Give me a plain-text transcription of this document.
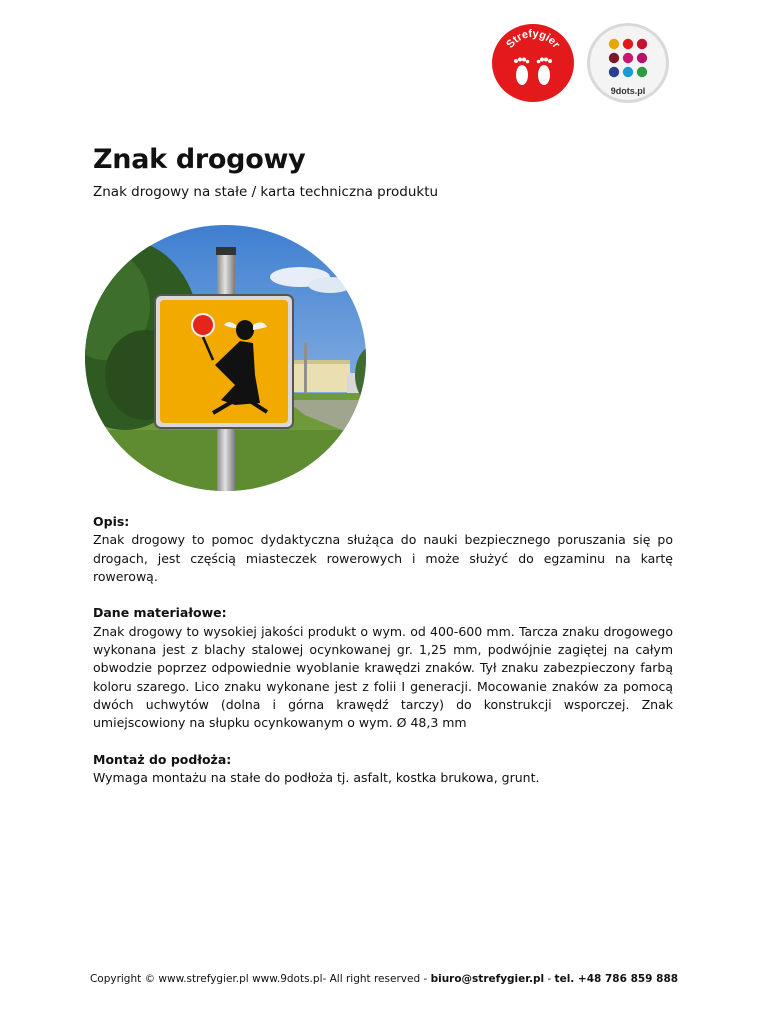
Strefygier
9dots.pl
Znak drogowy

Znak drogowy na stałe / karta techniczna produktu

Opis:
Znak drogowy to pomoc dydaktyczna służąca do nauki bezpiecznego poruszania się po drogach, jest częścią miasteczek rowerowych i może służyć do egzaminu na kartę rowerową.
Dane materiałowe:
Znak drogowy to wysokiej jakości produkt o wym. od 400-600 mm. Tarcza znaku drogowego wykonana jest z blachy stalowej ocynkowanej gr. 1,25 mm, podwójnie zagiętej na całym obwodzie poprzez odpowiednie wyoblanie krawędzi znaków. Tył znaku zabezpieczony farbą koloru szarego. Lico znaku wykonane jest z folii I generacji. Mocowanie znaków za pomocą dwóch uchwytów (dolna i górna krawędź tarczy) do konstrukcji wsporczej. Znak umiejscowiony na słupku ocynkowanym o wym. Ø 48,3 mm
Montaż do podłoża:
Wymaga montażu na stałe do podłoża tj. asfalt, kostka brukowa, grunt.
Copyright © www.strefygier.pl www.9dots.pl- All right reserved - biuro@strefygier.pl - tel. +48 786 859 888
